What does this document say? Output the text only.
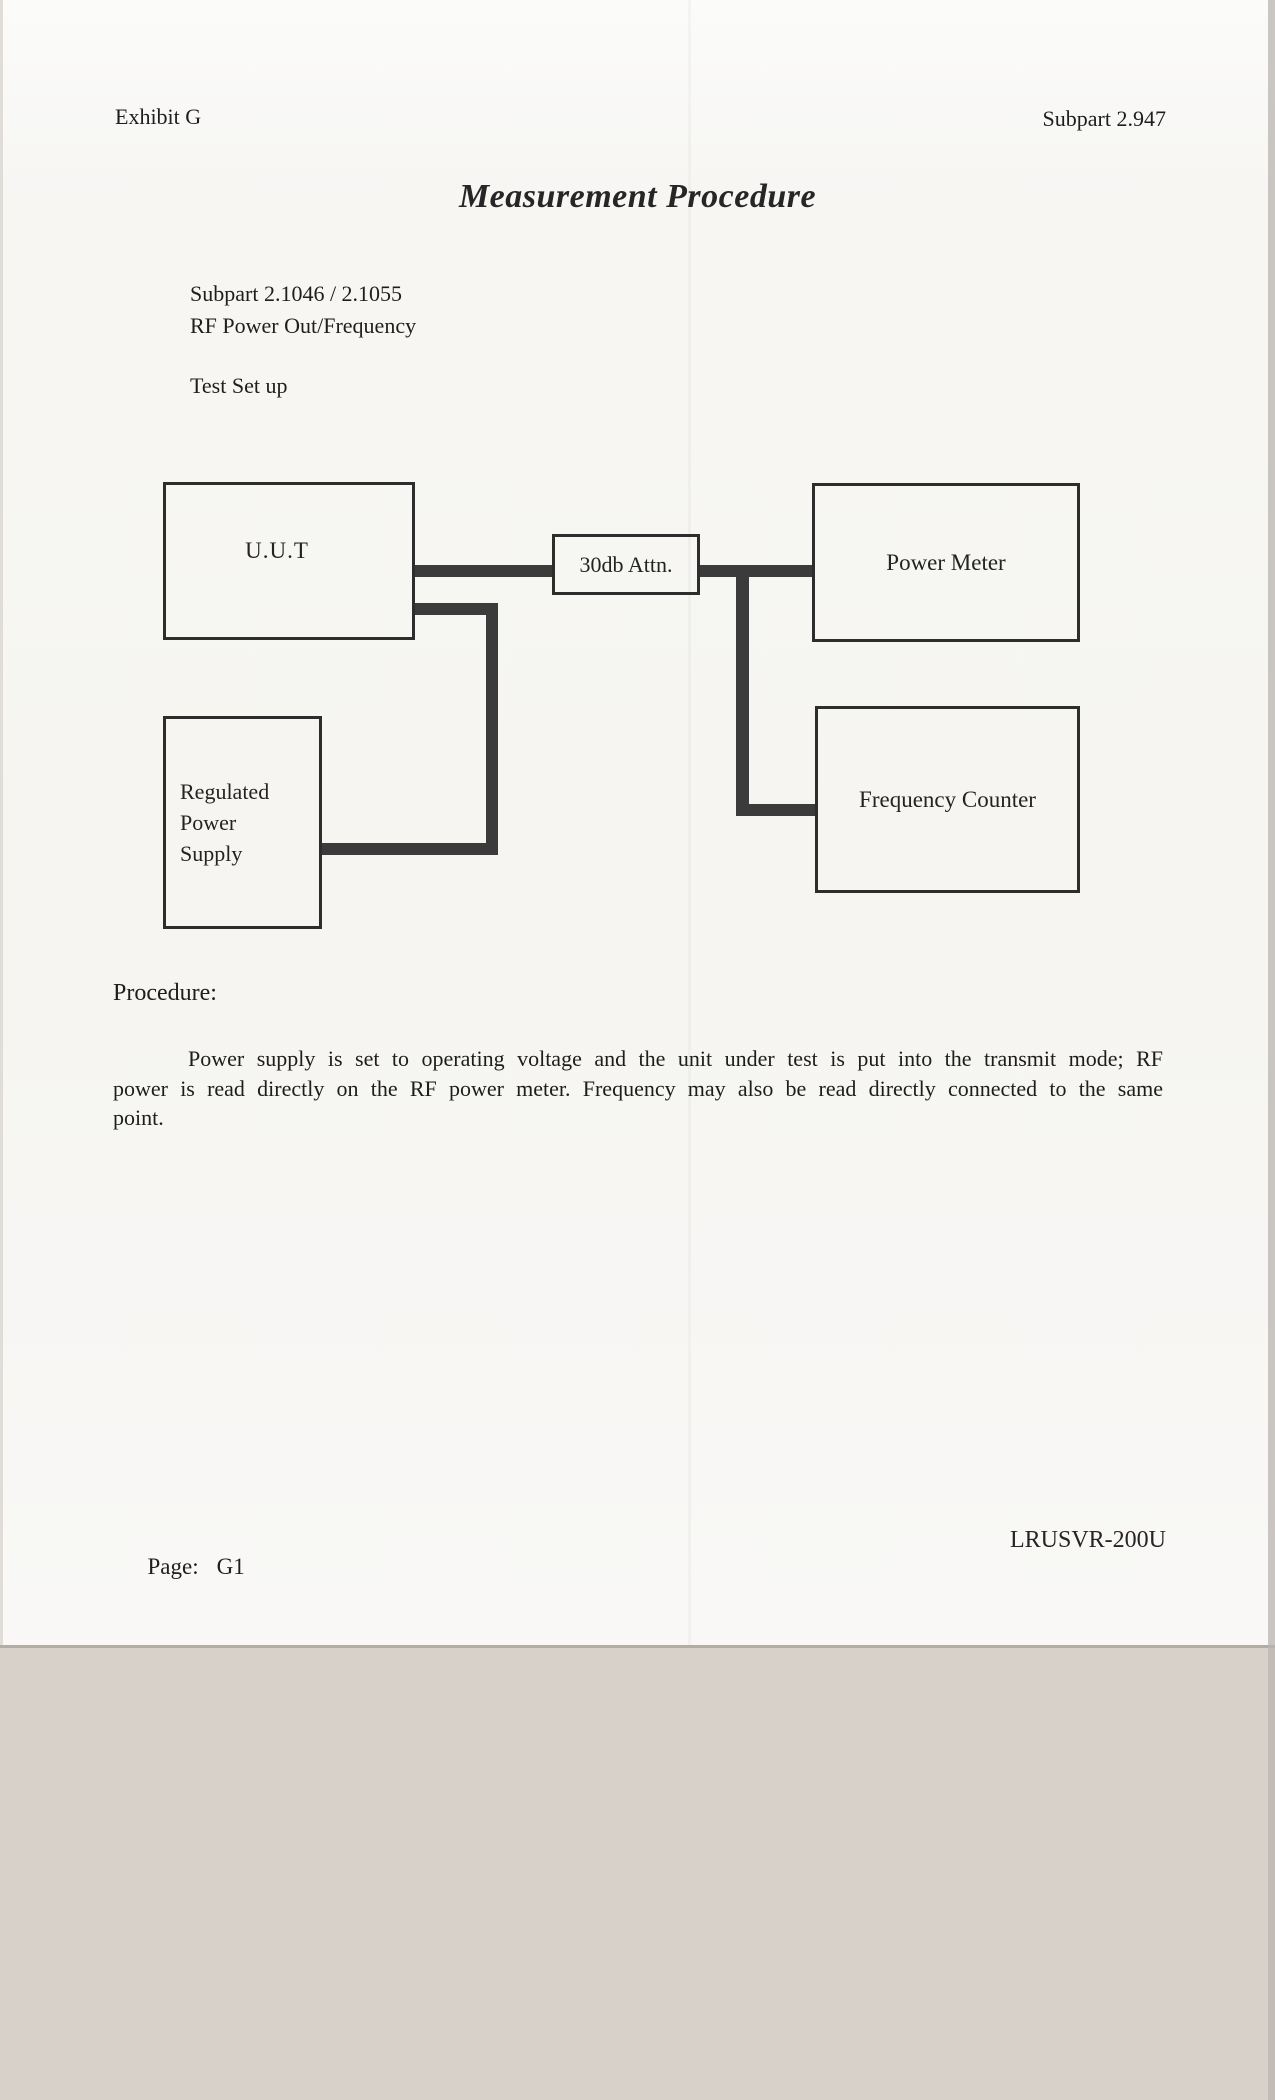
Exhibit G	Subpart 2.947
Measurement Procedure
Subpart 2.1046 / 2.1055
RF Power Out/Frequency
Test Set up
U.U.T
30db Attn.	Power Meter
Regulated
Power
Supply
Frequency Counter
Procedure:
Power supply is set to operating voltage and the unit under test is put into the transmit mode; RF
power is read directly on the RF power meter. Frequency may also be read directly connected to the same
point.

Page: G1

LRUSVR-200U
